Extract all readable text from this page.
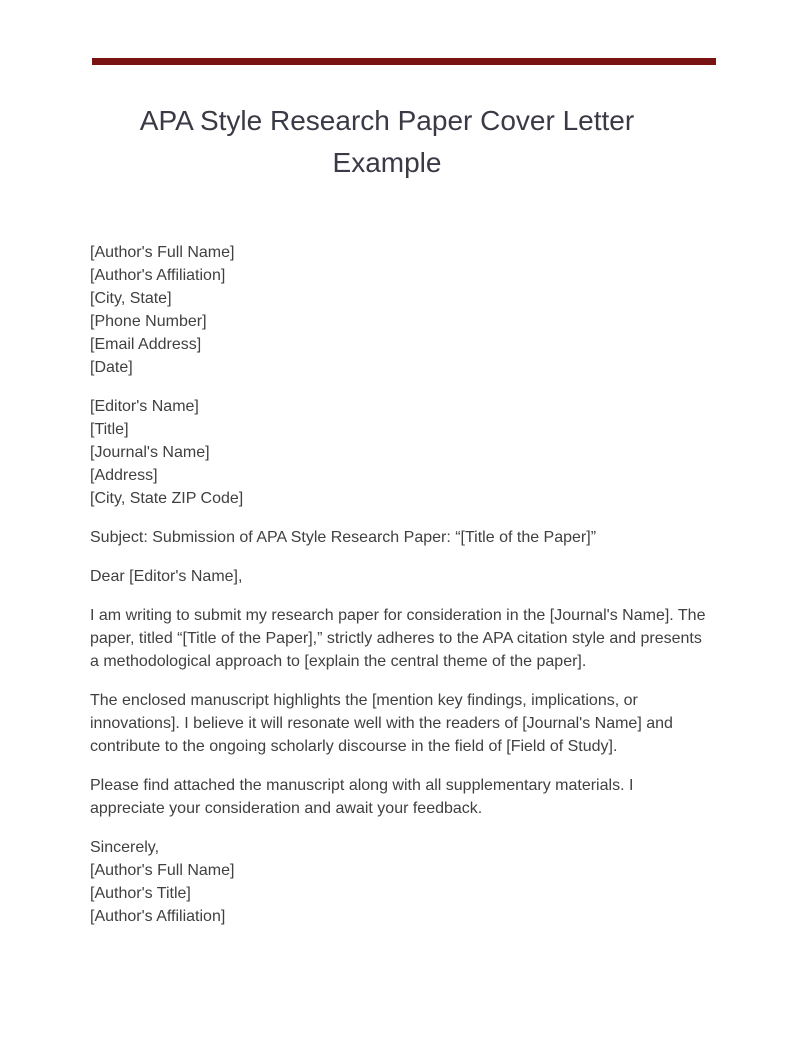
APA Style Research Paper Cover Letter Example
[Author's Full Name]
[Author's Affiliation]
[City, State]
[Phone Number]
[Email Address]
[Date]
[Editor's Name]
[Title]
[Journal's Name]
[Address]
[City, State ZIP Code]

Subject: Submission of APA Style Research Paper: “[Title of the Paper]”

Dear [Editor's Name],

I am writing to submit my research paper for consideration in the [Journal's Name]. The paper, titled “[Title of the Paper],” strictly adheres to the APA citation style and presents a methodological approach to [explain the central theme of the paper].

The enclosed manuscript highlights the [mention key findings, implications, or innovations]. I believe it will resonate well with the readers of [Journal's Name] and contribute to the ongoing scholarly discourse in the field of [Field of Study].

Please find attached the manuscript along with all supplementary materials. I appreciate your consideration and await your feedback.

Sincerely,
[Author's Full Name]
[Author's Title]
[Author's Affiliation]
